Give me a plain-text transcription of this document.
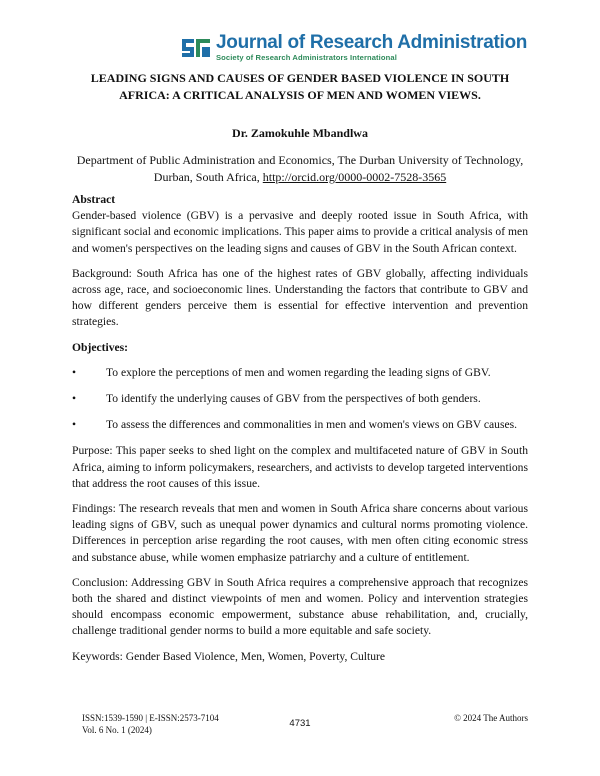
Journal of Research Administration
Society of Research Administrators International
LEADING SIGNS AND CAUSES OF GENDER BASED VIOLENCE IN SOUTH
AFRICA: A CRITICAL ANALYSIS OF MEN AND WOMEN VIEWS.
Dr. Zamokuhle Mbandlwa
Department of Public Administration and Economics, The Durban University of Technology,
Durban, South Africa, http://orcid.org/0000-0002-7528-3565

Abstract

Gender-based violence (GBV) is a pervasive and deeply rooted issue in South Africa, with significant social and economic implications. This paper aims to provide a critical analysis of men and women's perspectives on the leading signs and causes of GBV in the South African context.

Background: South Africa has one of the highest rates of GBV globally, affecting individuals across age, race, and socioeconomic lines. Understanding the factors that contribute to GBV and how different genders perceive them is essential for effective intervention and prevention strategies.

Objectives:

•	To explore the perceptions of men and women regarding the leading signs of GBV.
•	To identify the underlying causes of GBV from the perspectives of both genders.
•	To assess the differences and commonalities in men and women's views on GBV causes.

Purpose: This paper seeks to shed light on the complex and multifaceted nature of GBV in South Africa, aiming to inform policymakers, researchers, and activists to develop targeted interventions that address the root causes of this issue.

Findings: The research reveals that men and women in South Africa share concerns about various leading signs of GBV, such as unequal power dynamics and cultural norms promoting violence. Differences in perception arise regarding the root causes, with men often citing economic stress and substance abuse, while women emphasize patriarchy and a culture of entitlement.

Conclusion: Addressing GBV in South Africa requires a comprehensive approach that recognizes both the shared and distinct viewpoints of men and women. Policy and intervention strategies should encompass economic empowerment, substance abuse rehabilitation, and, crucially, challenge traditional gender norms to build a more equitable and safe society.

Keywords: Gender Based Violence, Men, Women, Poverty, Culture

ISSN:1539-1590 | E-ISSN:2573-7104
Vol. 6 No. 1 (2024)
4731	© 2024 The Authors
